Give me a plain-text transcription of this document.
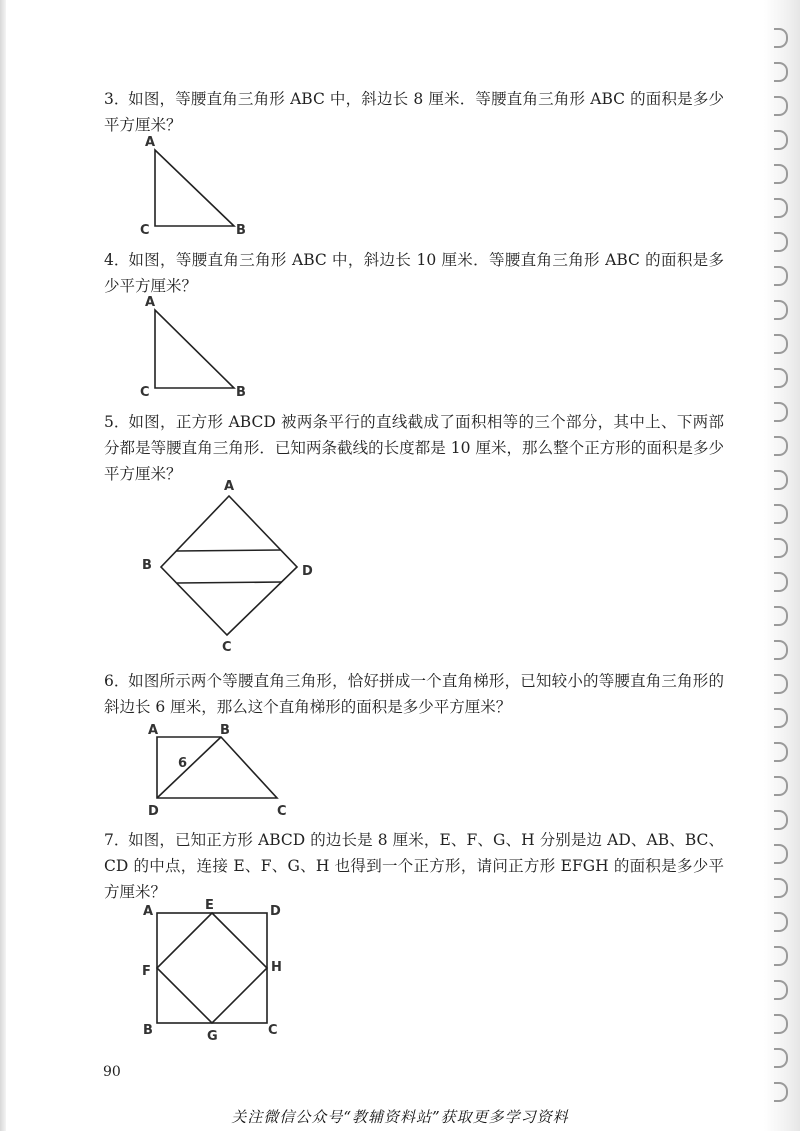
3．如图，等腰直角三角形 ABC 中，斜边长 8 厘米．等腰直角三角形 ABC 的面积是多少平方厘米？
A
C	B
4．如图，等腰直角三角形 ABC 中，斜边长 10 厘米．等腰直角三角形 ABC 的面积是多少平方厘米？
A
C	B
5．如图，正方形 ABCD 被两条平行的直线截成了面积相等的三个部分，其中上、下两部分都是等腰直角三角形．已知两条截线的长度都是 10 厘米，那么整个正方形的面积是多少平方厘米？
A
B	D
C
6．如图所示两个等腰直角三角形，恰好拼成一个直角梯形，已知较小的等腰直角三角形的斜边长 6 厘米，那么这个直角梯形的面积是多少平方厘米？
A	B
D	C
6
7．如图，已知正方形 ABCD 的边长是 8 厘米，E、F、G、H 分别是边 AD、AB、BC、CD 的中点，连接 E、F、G、H 也得到一个正方形，请问正方形 EFGH 的面积是多少平方厘米？
A	E	D
F	H
B	G	C
90
关注微信公众号“教辅资料站”获取更多学习资料
